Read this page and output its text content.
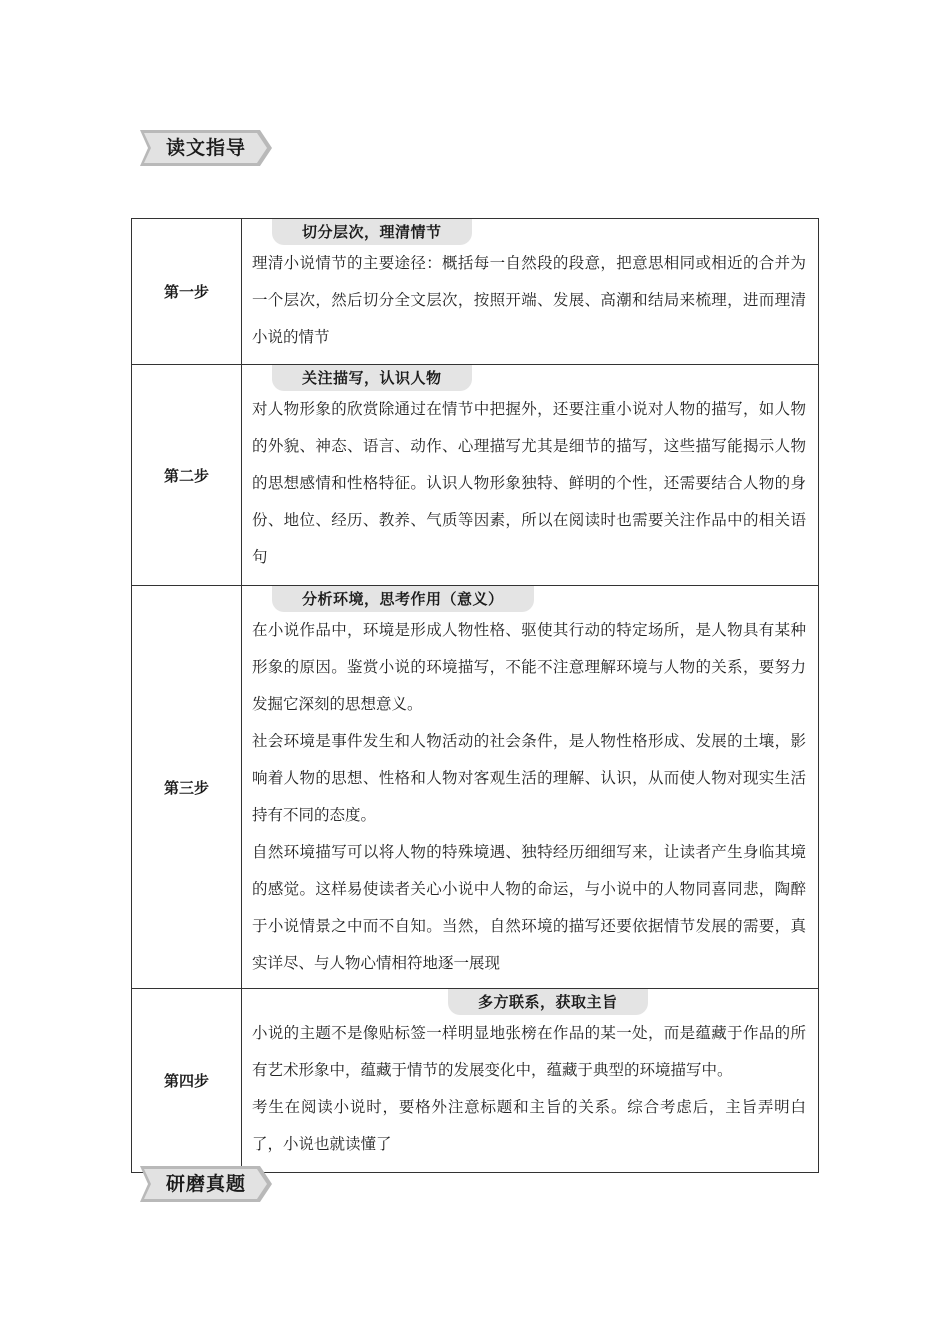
读文指导
第一步	切分层次，理清情节

理清小说情节的主要途径：概括每一自然段的段意，把意思相同或相近的合并为一个层次，然后切分全文层次，按照开端、发展、高潮和结局来梳理，进而理清小说的情节

第二步	关注描写，认识人物

对人物形象的欣赏除通过在情节中把握外，还要注重小说对人物的描写，如人物的外貌、神态、语言、动作、心理描写尤其是细节的描写，这些描写能揭示人物的思想感情和性格特征。认识人物形象独特、鲜明的个性，还需要结合人物的身份、地位、经历、教养、气质等因素，所以在阅读时也需要关注作品中的相关语句

第三步	分析环境，思考作用（意义）

在小说作品中，环境是形成人物性格、驱使其行动的特定场所，是人物具有某种形象的原因。鉴赏小说的环境描写，不能不注意理解环境与人物的关系，要努力发掘它深刻的思想意义。

社会环境是事件发生和人物活动的社会条件，是人物性格形成、发展的土壤，影响着人物的思想、性格和人物对客观生活的理解、认识，从而使人物对现实生活持有不同的态度。

自然环境描写可以将人物的特殊境遇、独特经历细细写来，让读者产生身临其境的感觉。这样易使读者关心小说中人物的命运，与小说中的人物同喜同悲，陶醉于小说情景之中而不自知。当然，自然环境的描写还要依据情节发展的需要，真实详尽、与人物心情相符地逐一展现

第四步	多方联系，获取主旨

小说的主题不是像贴标签一样明显地张榜在作品的某一处，而是蕴藏于作品的所有艺术形象中，蕴藏于情节的发展变化中，蕴藏于典型的环境描写中。

考生在阅读小说时，要格外注意标题和主旨的关系。综合考虑后，主旨弄明白了，小说也就读懂了

研磨真题
